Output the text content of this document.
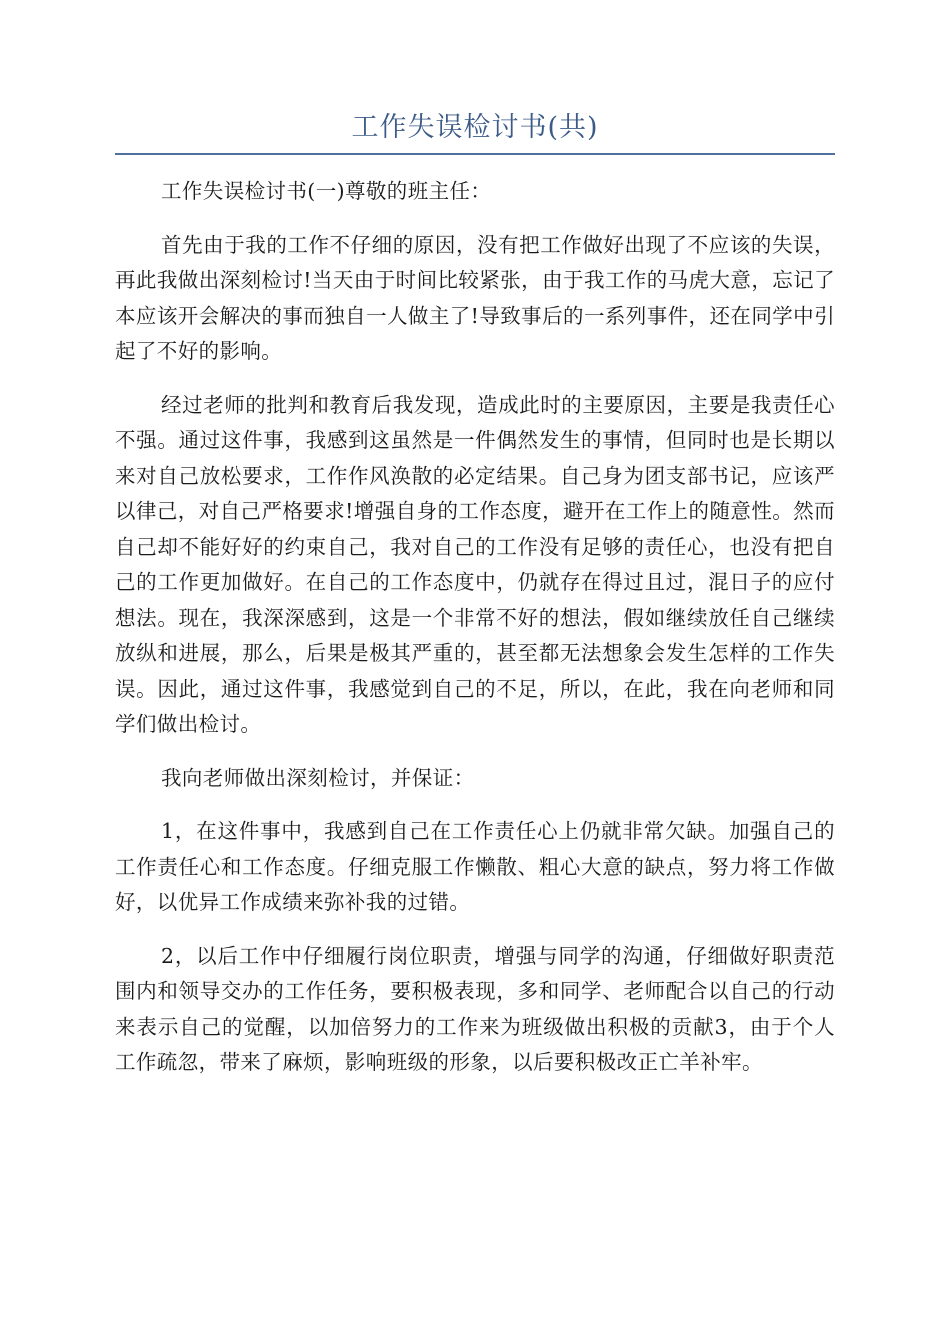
工作失误检讨书(共)

工作失误检讨书(一)尊敬的班主任：

首先由于我的工作不仔细的原因，没有把工作做好出现了不应该的失误，再此我做出深刻检讨!当天由于时间比较紧张，由于我工作的马虎大意，忘记了本应该开会解决的事而独自一人做主了!导致事后的一系列事件，还在同学中引起了不好的影响。

经过老师的批判和教育后我发现，造成此时的主要原因，主要是我责任心不强。通过这件事，我感到这虽然是一件偶然发生的事情，但同时也是长期以来对自己放松要求，工作作风涣散的必定结果。自己身为团支部书记，应该严以律己，对自己严格要求!增强自身的工作态度，避开在工作上的随意性。然而自己却不能好好的约束自己，我对自己的工作没有足够的责任心，也没有把自己的工作更加做好。在自己的工作态度中，仍就存在得过且过，混日子的应付想法。现在，我深深感到，这是一个非常不好的想法，假如继续放任自己继续放纵和进展，那么，后果是极其严重的，甚至都无法想象会发生怎样的工作失误。因此，通过这件事，我感觉到自己的不足，所以，在此，我在向老师和同学们做出检讨。

我向老师做出深刻检讨，并保证：

1，在这件事中，我感到自己在工作责任心上仍就非常欠缺。加强自己的工作责任心和工作态度。仔细克服工作懒散、粗心大意的缺点，努力将工作做好，以优异工作成绩来弥补我的过错。

2，以后工作中仔细履行岗位职责，增强与同学的沟通，仔细做好职责范围内和领导交办的工作任务，要积极表现，多和同学、老师配合以自己的行动来表示自己的觉醒，以加倍努力的工作来为班级做出积极的贡献3，由于个人工作疏忽，带来了麻烦，影响班级的形象，以后要积极改正亡羊补牢。
